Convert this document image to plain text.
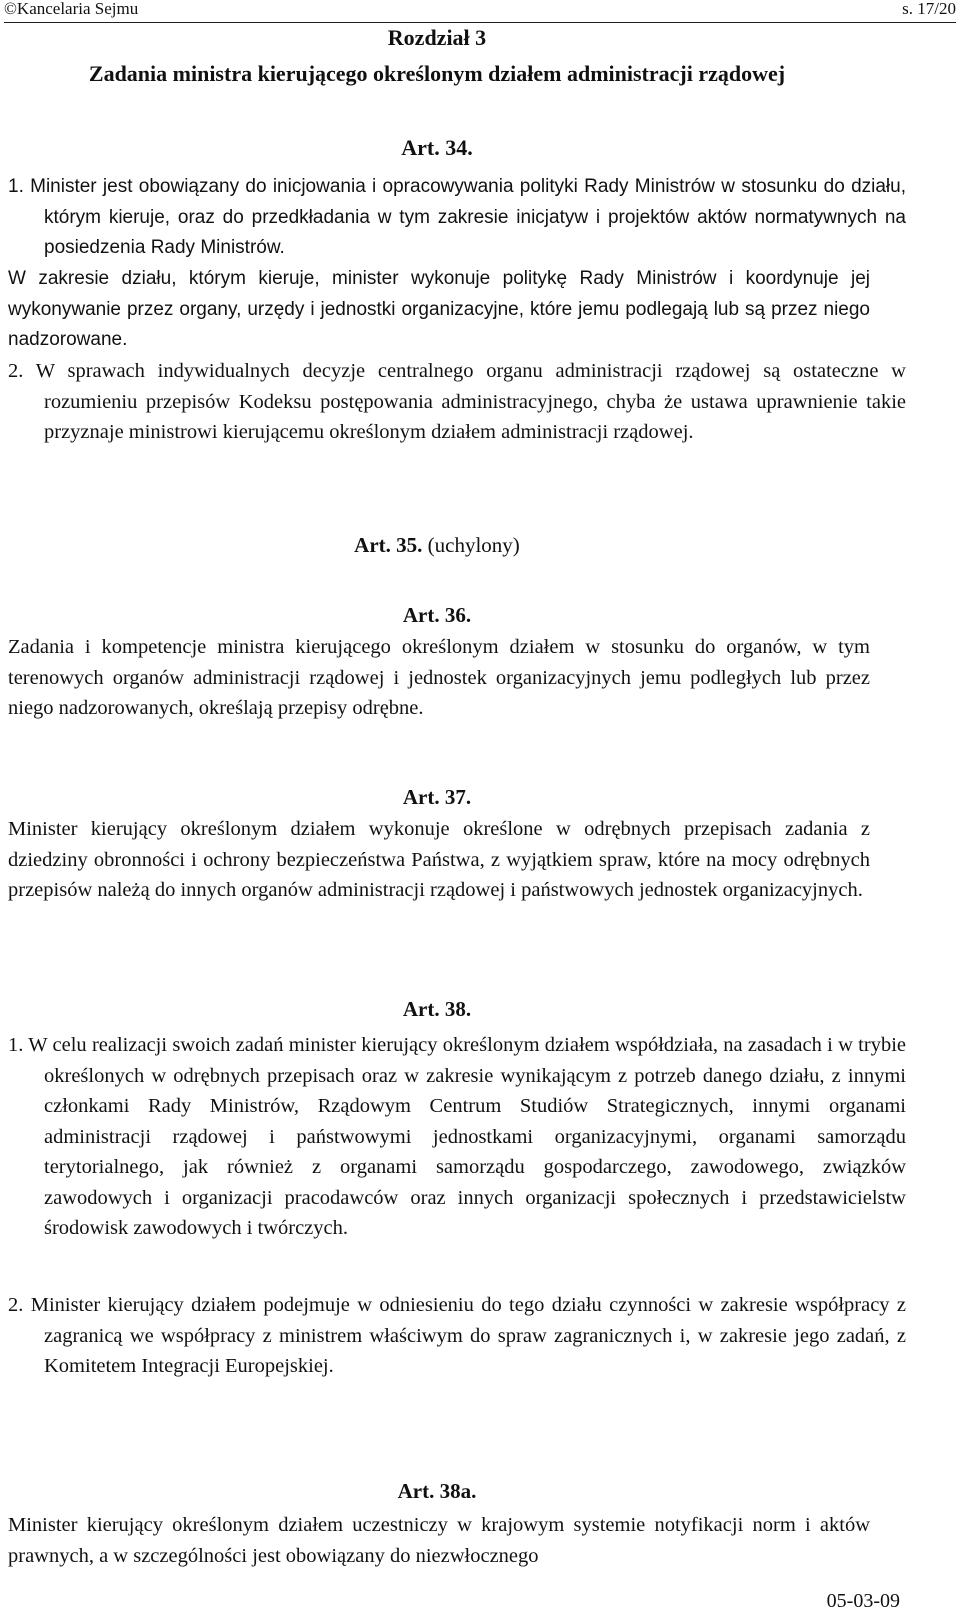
©Kancelaria Sejmu	s. 17/20
Rozdział 3
Zadania ministra kierującego określonym działem administracji rządowej
Art. 34.
1. Minister jest obowiązany do inicjowania i opracowywania polityki Rady Ministrów w stosunku do działu, którym kieruje, oraz do przedkładania w tym zakresie inicjatyw i projektów aktów normatywnych na posiedzenia Rady Ministrów.
W zakresie działu, którym kieruje, minister wykonuje politykę Rady Ministrów i koordynuje jej wykonywanie przez organy, urzędy i jednostki organizacyjne, które jemu podlegają lub są przez niego nadzorowane.
2. W sprawach indywidualnych decyzje centralnego organu administracji rządowej są ostateczne w rozumieniu przepisów Kodeksu postępowania administracyjnego, chyba że ustawa uprawnienie takie przyznaje ministrowi kierującemu określonym działem administracji rządowej.
Art. 35. (uchylony)
Art. 36.
Zadania i kompetencje ministra kierującego określonym działem w stosunku do organów, w tym terenowych organów administracji rządowej i jednostek organizacyjnych jemu podległych lub przez niego nadzorowanych, określają przepisy odrębne.
Art. 37.
Minister kierujący określonym działem wykonuje określone w odrębnych przepisach zadania z dziedziny obronności i ochrony bezpieczeństwa Państwa, z wyjątkiem spraw, które na mocy odrębnych przepisów należą do innych organów administracji rządowej i państwowych jednostek organizacyjnych.
Art. 38.
1. W celu realizacji swoich zadań minister kierujący określonym działem współdziała, na zasadach i w trybie określonych w odrębnych przepisach oraz w zakresie wynikającym z potrzeb danego działu, z innymi członkami Rady Ministrów, Rządowym Centrum Studiów Strategicznych, innymi organami administracji rządowej i państwowymi jednostkami organizacyjnymi, organami samorządu terytorialnego, jak również z organami samorządu gospodarczego, zawodowego, związków zawodowych i organizacji pracodawców oraz innych organizacji społecznych i przedstawicielstw środowisk zawodowych i twórczych.
2. Minister kierujący działem podejmuje w odniesieniu do tego działu czynności w zakresie współpracy z zagranicą we współpracy z ministrem właściwym do spraw zagranicznych i, w zakresie jego zadań, z Komitetem Integracji Europejskiej.
Art. 38a.
Minister kierujący określonym działem uczestniczy w krajowym systemie notyfikacji norm i aktów prawnych, a w szczególności jest obowiązany do niezwłocznego
05-03-09
